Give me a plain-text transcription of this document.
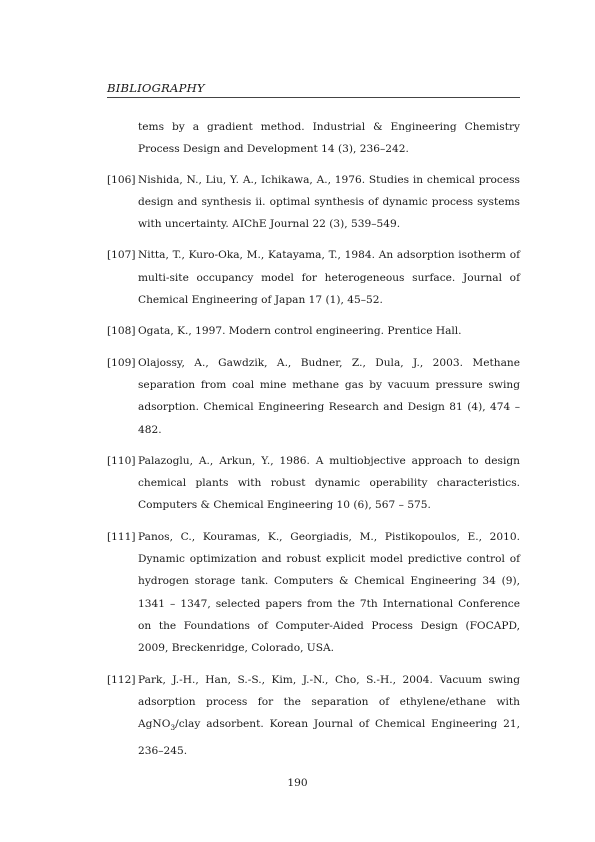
BIBLIOGRAPHY
tems by a gradient method. Industrial & Engineering Chemistry Process Design and Development 14 (3), 236–242.
[106] Nishida, N., Liu, Y. A., Ichikawa, A., 1976. Studies in chemical process design and synthesis ii. optimal synthesis of dynamic process systems with uncertainty. AIChE Journal 22 (3), 539–549.
[107] Nitta, T., Kuro-Oka, M., Katayama, T., 1984. An adsorption isotherm of multi-site occupancy model for heterogeneous surface. Journal of Chemical Engineering of Japan 17 (1), 45–52.
[108] Ogata, K., 1997. Modern control engineering. Prentice Hall.
[109] Olajossy, A., Gawdzik, A., Budner, Z., Dula, J., 2003. Methane separation from coal mine methane gas by vacuum pressure swing adsorption. Chemical Engineering Research and Design 81 (4), 474 – 482.
[110] Palazoglu, A., Arkun, Y., 1986. A multiobjective approach to design chemical plants with robust dynamic operability characteristics. Computers & Chemical Engineering 10 (6), 567 – 575.
[111] Panos, C., Kouramas, K., Georgiadis, M., Pistikopoulos, E., 2010. Dynamic optimization and robust explicit model predictive control of hydrogen storage tank. Computers & Chemical Engineering 34 (9), 1341 – 1347, selected papers from the 7th International Conference on the Foundations of Computer-Aided Process Design (FOCAPD, 2009, Breckenridge, Colorado, USA.
[112] Park, J.-H., Han, S.-S., Kim, J.-N., Cho, S.-H., 2004. Vacuum swing adsorption process for the separation of ethylene/ethane with AgNO$_3$/clay adsorbent. Korean Journal of Chemical Engineering 21, 236–245.
190
